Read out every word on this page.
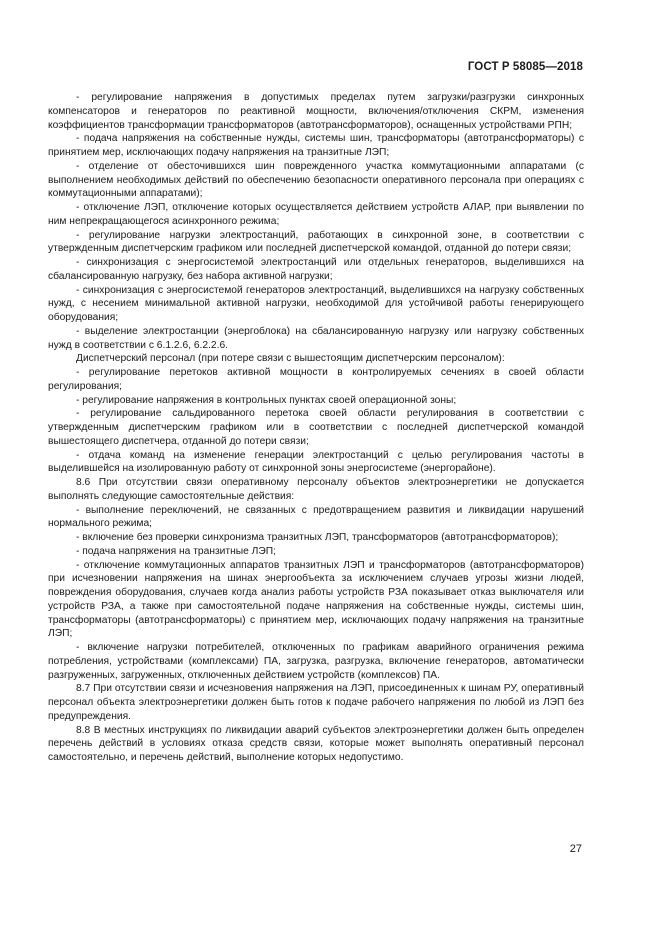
ГОСТ Р 58085—2018

- регулирование напряжения в допустимых пределах путем загрузки/разгрузки синхронных компенсаторов и генераторов по реактивной мощности, включения/отключения СКРМ, изменения коэффициентов трансформации трансформаторов (автотрансформаторов), оснащенных устройствами РПН;

- подача напряжения на собственные нужды, системы шин, трансформаторы (автотрансформаторы) с принятием мер, исключающих подачу напряжения на транзитные ЛЭП;

- отделение от обесточившихся шин поврежденного участка коммутационными аппаратами (с выполнением необходимых действий по обеспечению безопасности оперативного персонала при операциях с коммутационными аппаратами);

- отключение ЛЭП, отключение которых осуществляется действием устройств АЛАР, при выявлении по ним непрекращающегося асинхронного режима;

- регулирование нагрузки электростанций, работающих в синхронной зоне, в соответствии с утвержденным диспетчерским графиком или последней диспетчерской командой, отданной до потери связи;

- синхронизация с энергосистемой электростанций или отдельных генераторов, выделившихся на сбалансированную нагрузку, без набора активной нагрузки;

- синхронизация с энергосистемой генераторов электростанций, выделившихся на нагрузку собственных нужд, с несением минимальной активной нагрузки, необходимой для устойчивой работы генерирующего оборудования;

- выделение электростанции (энергоблока) на сбалансированную нагрузку или нагрузку собственных нужд в соответствии с 6.1.2.6, 6.2.2.6.

Диспетчерский персонал (при потере связи с вышестоящим диспетчерским персоналом):

- регулирование перетоков активной мощности в контролируемых сечениях в своей области регулирования;

- регулирование напряжения в контрольных пунктах своей операционной зоны;

- регулирование сальдированного перетока своей области регулирования в соответствии с утвержденным диспетчерским графиком или в соответствии с последней диспетчерской командой вышестоящего диспетчера, отданной до потери связи;

- отдача команд на изменение генерации электростанций с целью регулирования частоты в выделившейся на изолированную работу от синхронной зоны энергосистеме (энергорайоне).

8.6 При отсутствии связи оперативному персоналу объектов электроэнергетики не допускается выполнять следующие самостоятельные действия:

- выполнение переключений, не связанных с предотвращением развития и ликвидации нарушений нормального режима;

- включение без проверки синхронизма транзитных ЛЭП, трансформаторов (автотрансформаторов);

- подача напряжения на транзитные ЛЭП;

- отключение коммутационных аппаратов транзитных ЛЭП и трансформаторов (автотрансформаторов) при исчезновении напряжения на шинах энергообъекта за исключением случаев угрозы жизни людей, повреждения оборудования, случаев когда анализ работы устройств РЗА показывает отказ выключателя или устройств РЗА, а также при самостоятельной подаче напряжения на собственные нужды, системы шин, трансформаторы (автотрансформаторы) с принятием мер, исключающих подачу напряжения на транзитные ЛЭП;

- включение нагрузки потребителей, отключенных по графикам аварийного ограничения режима потребления, устройствами (комплексами) ПА, загрузка, разгрузка, включение генераторов, автоматически разгруженных, загруженных, отключенных действием устройств (комплексов) ПА.

8.7 При отсутствии связи и исчезновения напряжения на ЛЭП, присоединенных к шинам РУ, оперативный персонал объекта электроэнергетики должен быть готов к подаче рабочего напряжения по любой из ЛЭП без предупреждения.

8.8 В местных инструкциях по ликвидации аварий субъектов электроэнергетики должен быть определен перечень действий в условиях отказа средств связи, которые может выполнять оперативный персонал самостоятельно, и перечень действий, выполнение которых недопустимо.

27
